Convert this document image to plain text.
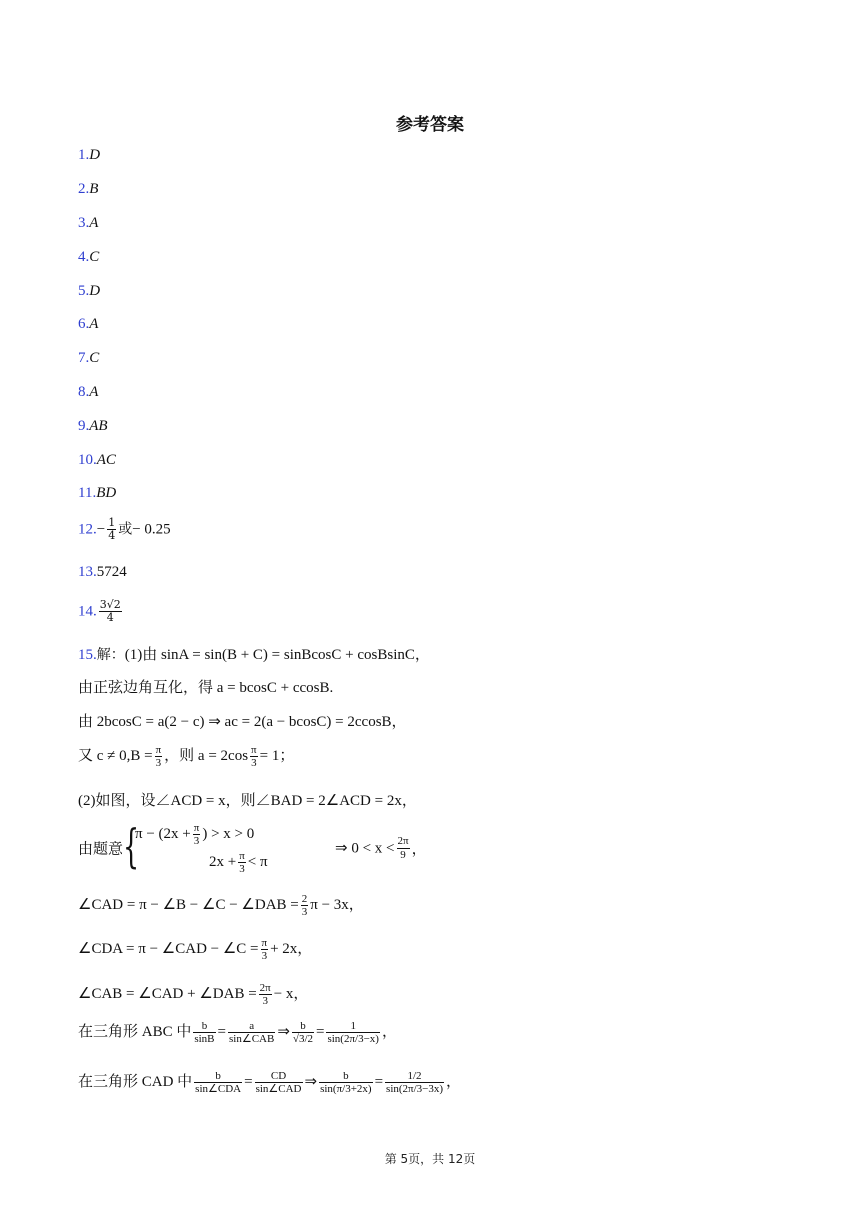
参考答案
1.D
2.B
3.A
4.C
5.D
6.A
7.C
8.A
9.AB
10.AC
11.BD
$12.- \frac{1}{4}$ 或− 0.25
13.5724
14. $\frac{3√2}{4}$
15.解：(1)由 sinA = sin(B + C) = sinBcosC + cosBsinC，
由正弦边角互化，得 a = bcosC + ccosB.
由 2bcosC = a(2 − c) ⇒ ac = 2(a − bcosC) = 2ccosB，
又 $c \ne 0,B = \frac{\pi}{3}$ ，则 $a = 2\cos \frac{\pi}{3} = 1$；
(2)如图，设∠ACD = x，则∠BAD = 2∠ACD = 2x，
由题意 {
$\pi - (2x + \frac{\pi}{3}$ ) > x > 0
$2x + \frac{\pi}{3} < \pi$
⇒ $0 < x < \frac{2\pi}{9}$ ，
∠CAD = π − ∠B − ∠C − ∠DAB = $\frac{2}{3}$ π − 3x，
∠CDA = π − ∠CAD − ∠C = $\frac{\pi}{3} + 2x$，
∠CAB = ∠CAD + ∠DAB = $\frac{2\pi}{3} - x$，
在三角形 ABC 中 $\frac{b}{\sin B} = \frac{a}{\text{sin∠CAB}}$ ⇒ $\frac{b}{√3/2} = \frac{1}{\sin(2\pi/3-x)}$ ，
在三角形 CAD 中 $\frac{b}{\text{sin∠CDA}} = \frac{CD}{\text{sin∠CAD}}$ ⇒ $\frac{b}{\sin(\pi/3+2x)} = \frac{1/2}{\sin(2\pi/3-3x)}$ ，
第 5页，共 12页
